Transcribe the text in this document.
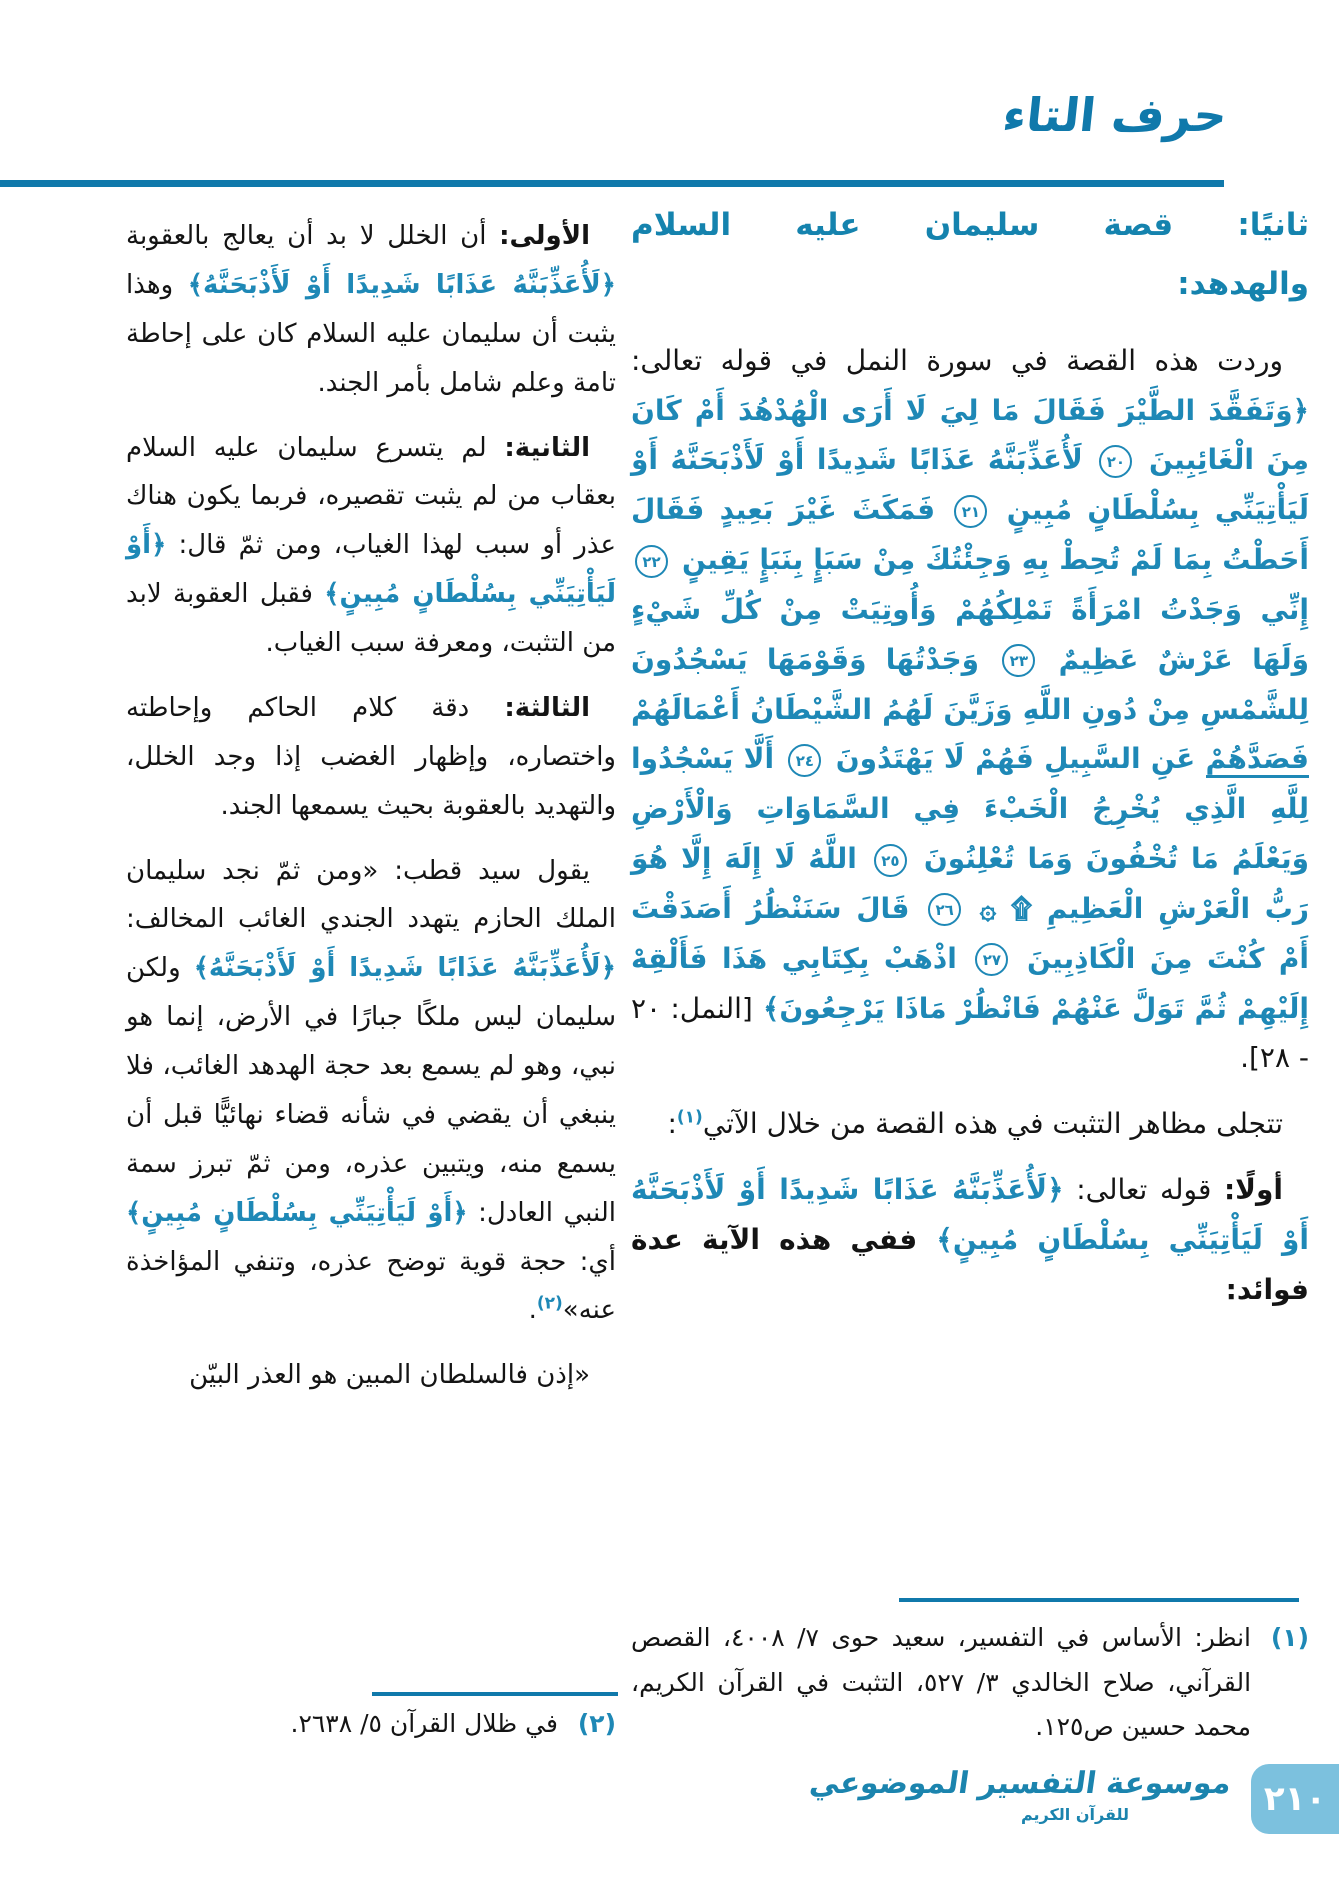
حرف التاء
ثانيًا: قصة سليمان عليه السلام والهدهد:

وردت هذه القصة في سورة النمل في قوله تعالى: ﴿وَتَفَقَّدَ الطَّيْرَ فَقَالَ مَا لِيَ لَا أَرَى الْهُدْهُدَ أَمْ كَانَ مِنَ الْغَائِبِينَ ٢٠ لَأُعَذِّبَنَّهُ عَذَابًا شَدِيدًا أَوْ لَأَذْبَحَنَّهُ أَوْ لَيَأْتِيَنِّي بِسُلْطَانٍ مُبِينٍ ٢١ فَمَكَثَ غَيْرَ بَعِيدٍ فَقَالَ أَحَطْتُ بِمَا لَمْ تُحِطْ بِهِ وَجِئْتُكَ مِنْ سَبَإٍ بِنَبَإٍ يَقِينٍ ٢٢ إِنِّي وَجَدْتُ امْرَأَةً تَمْلِكُهُمْ وَأُوتِيَتْ مِنْ كُلِّ شَيْءٍ وَلَهَا عَرْشٌ عَظِيمٌ ٢٣ وَجَدْتُهَا وَقَوْمَهَا يَسْجُدُونَ لِلشَّمْسِ مِنْ دُونِ اللَّهِ وَزَيَّنَ لَهُمُ الشَّيْطَانُ أَعْمَالَهُمْ فَصَدَّهُمْ عَنِ السَّبِيلِ فَهُمْ لَا يَهْتَدُونَ ٢٤ أَلَّا يَسْجُدُوا لِلَّهِ الَّذِي يُخْرِجُ الْخَبْءَ فِي السَّمَاوَاتِ وَالْأَرْضِ وَيَعْلَمُ مَا تُخْفُونَ وَمَا تُعْلِنُونَ ٢٥ اللَّهُ لَا إِلَهَ إِلَّا هُوَ رَبُّ الْعَرْشِ الْعَظِيمِ ۩ ۞ ٢٦ قَالَ سَنَنْظُرُ أَصَدَقْتَ أَمْ كُنْتَ مِنَ الْكَاذِبِينَ ٢٧ اذْهَبْ بِكِتَابِي هَذَا فَأَلْقِهْ إِلَيْهِمْ ثُمَّ تَوَلَّ عَنْهُمْ فَانْظُرْ مَاذَا يَرْجِعُونَ﴾ [النمل: ٢٠ - ٢٨].

تتجلى مظاهر التثبت في هذه القصة من خلال الآتي$^{(١)}$:

أولًا: قوله تعالى: ﴿لَأُعَذِّبَنَّهُ عَذَابًا شَدِيدًا أَوْ لَأَذْبَحَنَّهُ أَوْ لَيَأْتِيَنِّي بِسُلْطَانٍ مُبِينٍ﴾ ففي هذه الآية عدة فوائد:

الأولى: أن الخلل لا بد أن يعالج بالعقوبة ﴿لَأُعَذِّبَنَّهُ عَذَابًا شَدِيدًا أَوْ لَأَذْبَحَنَّهُ﴾ وهذا يثبت أن سليمان عليه السلام كان على إحاطة تامة وعلم شامل بأمر الجند.

الثانية: لم يتسرع سليمان عليه السلام بعقاب من لم يثبت تقصيره، فربما يكون هناك عذر أو سبب لهذا الغياب، ومن ثمّ قال: ﴿أَوْ لَيَأْتِيَنِّي بِسُلْطَانٍ مُبِينٍ﴾ فقبل العقوبة لابد من التثبت، ومعرفة سبب الغياب.

الثالثة: دقة كلام الحاكم وإحاطته واختصاره، وإظهار الغضب إذا وجد الخلل، والتهديد بالعقوبة بحيث يسمعها الجند.

يقول سيد قطب: «ومن ثمّ نجد سليمان الملك الحازم يتهدد الجندي الغائب المخالف: ﴿لَأُعَذِّبَنَّهُ عَذَابًا شَدِيدًا أَوْ لَأَذْبَحَنَّهُ﴾ ولكن سليمان ليس ملكًا جبارًا في الأرض، إنما هو نبي، وهو لم يسمع بعد حجة الهدهد الغائب، فلا ينبغي أن يقضي في شأنه قضاء نهائيًّا قبل أن يسمع منه، ويتبين عذره، ومن ثمّ تبرز سمة النبي العادل: ﴿أَوْ لَيَأْتِيَنِّي بِسُلْطَانٍ مُبِينٍ﴾ أي: حجة قوية توضح عذره، وتنفي المؤاخذة عنه»$^{(٢)}$.

«إذن فالسلطان المبين هو العذر البيّن

(١)
انظر: الأساس في التفسير، سعيد حوى ٧/ ٤٠٠٨، القصص القرآني، صلاح الخالدي ٣/ ٥٢٧، التثبت في القرآن الكريم، محمد حسين ص١٢٥.
(٢) في ظلال القرآن ٥/ ٢٦٣٨.
موسوعة التفسير الموضوعي
للقرآن الكريم	٢١٠
